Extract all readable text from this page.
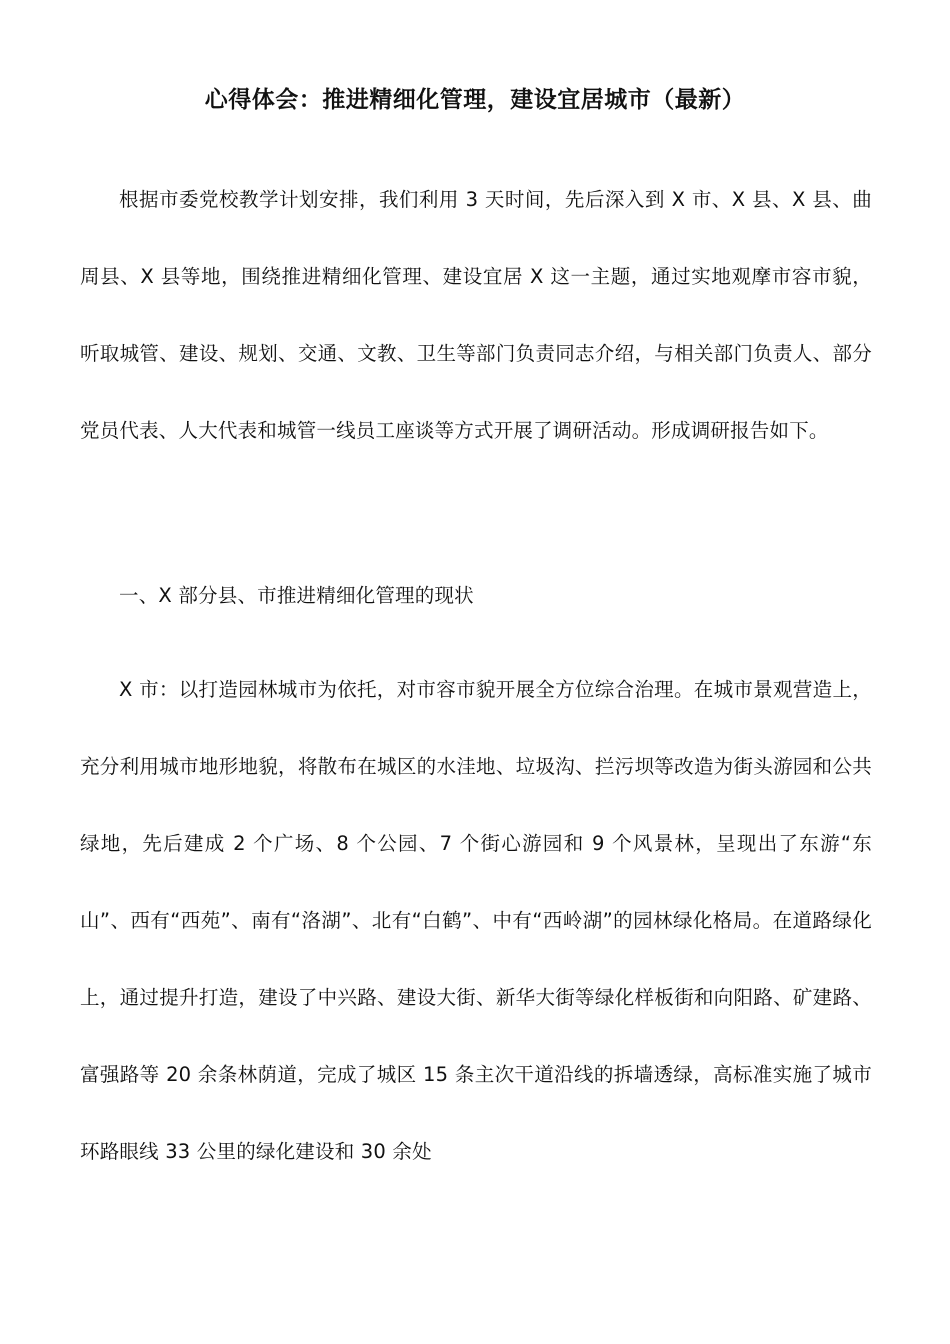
心得体会：推进精细化管理，建设宜居城市（最新）

根据市委党校教学计划安排，我们利用 3 天时间，先后深入到 X 市、X 县、X 县、曲周县、X 县等地，围绕推进精细化管理、建设宜居 X 这一主题，通过实地观摩市容市貌，听取城管、建设、规划、交通、文教、卫生等部门负责同志介绍，与相关部门负责人、部分党员代表、人大代表和城管一线员工座谈等方式开展了调研活动。形成调研报告如下。

一、X 部分县、市推进精细化管理的现状

X 市：以打造园林城市为依托，对市容市貌开展全方位综合治理。在城市景观营造上，充分利用城市地形地貌，将散布在城区的水洼地、垃圾沟、拦污坝等改造为街头游园和公共绿地，先后建成 2 个广场、8 个公园、7 个街心游园和 9 个风景林，呈现出了东游“东山”、西有“西苑”、南有“洛湖”、北有“白鹤”、中有“西岭湖”的园林绿化格局。在道路绿化上，通过提升打造，建设了中兴路、建设大街、新华大街等绿化样板街和向阳路、矿建路、富强路等 20 余条林荫道，完成了城区 15 条主次干道沿线的拆墙透绿，高标准实施了城市环路眼线 33 公里的绿化建设和 30 余处
